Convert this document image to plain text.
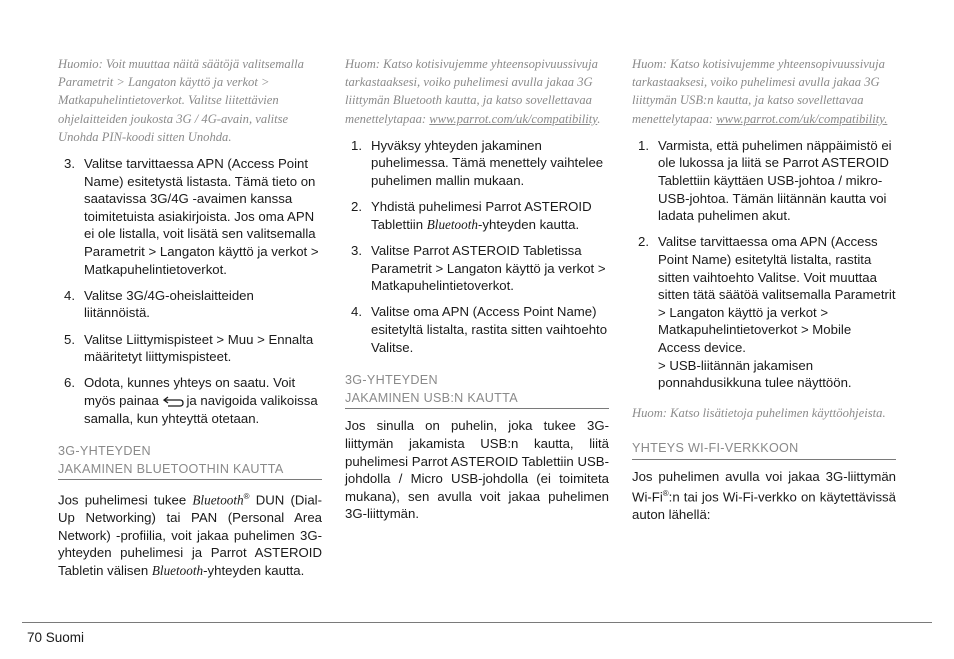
Huomio: Voit muuttaa näitä säätöjä valitsemalla Parametrit > Langaton käyttö ja verkot > Matkapuhelintietoverkot. Valitse liitettävien ohjelaitteiden joukosta 3G / 4G-avain, valitse Unohda PIN-koodi sitten Unohda.

3. Valitse tarvittaessa APN (Access Point Name) esitetystä listasta. Tämä tieto on saatavissa 3G/4G -avaimen kanssa toimitetuista asiakirjoista. Jos oma APN ei ole listalla, voit lisätä sen valitsemalla Parametrit > Langaton käyttö ja verkot > Matkapuhelintietoverkot.
4. Valitse 3G/4G-oheislaitteiden liitännöistä.
5. Valitse Liittymispisteet > Muu > Ennalta määritetyt liittymispisteet.
6. Odota, kunnes yhteys on saatu. Voit myös painaa ja navigoida valikoissa samalla, kun yhteyttä otetaan.
3G-YHTEYDEN
JAKAMINEN BLUETOOTHIN KAUTTA

Jos puhelimesi tukee Bluetooth® DUN (Dial-Up Networking) tai PAN (Personal Area Network) -profiilia, voit jakaa puhelimen 3G-yhteyden puhelimesi ja Parrot ASTEROID Tabletin välisen Bluetooth-yhteyden kautta.

Huom: Katso kotisivujemme yhteensopivuussivuja tarkastaaksesi, voiko puhelimesi avulla jakaa 3G liittymän Bluetooth kautta, ja katso sovellettavaa menettelytapaa: www.parrot.com/uk/compatibility.

1. Hyväksy yhteyden jakaminen puhelimessa. Tämä menettely vaihtelee puhelimen mallin mukaan.
2. Yhdistä puhelimesi Parrot ASTEROID Tablettiin Bluetooth-yhteyden kautta.
3. Valitse Parrot ASTEROID Tabletissa Parametrit > Langaton käyttö ja verkot > Matkapuhelintietoverkot.
4. Valitse oma APN (Access Point Name) esitetyltä listalta, rastita sitten vaihtoehto Valitse.
3G-YHTEYDEN
JAKAMINEN USB:N KAUTTA

Jos sinulla on puhelin, joka tukee 3G-liittymän jakamista USB:n kautta, liitä puhelimesi Parrot ASTEROID Tablettiin USB-johdolla / Micro USB-johdolla (ei toimiteta mukana), sen avulla voit jakaa puhelimen 3G-liittymän.

Huom: Katso kotisivujemme yhteensopivuussivuja tarkastaaksesi, voiko puhelimesi avulla jakaa 3G liittymän USB:n kautta, ja katso sovellettavaa menettelytapaa: www.parrot.com/uk/compatibility.

1. Varmista, että puhelimen näppäimistö ei ole lukossa ja liitä se Parrot ASTEROID Tablettiin käyttäen USB-johtoa / mikro-USB-johtoa. Tämän liitännän kautta voi ladata puhelimen akut.
2. Valitse tarvittaessa oma APN (Access Point Name) esitetyltä listalta, rastita sitten vaihtoehto Valitse. Voit muuttaa sitten tätä säätöä valitsemalla Parametrit > Langaton käyttö ja verkot > Matkapuhelintietoverkot > Mobile Access device.
> USB-liitännän jakamisen ponnahdusikkuna tulee näyttöön.

Huom: Katso lisätietoja puhelimen käyttöohjeista.

YHTEYS WI-FI-VERKKOON

Jos puhelimen avulla voi jakaa 3G-liittymän Wi-Fi®:n tai jos Wi-Fi-verkko on käytettävissä auton lähellä:

70 Suomi
